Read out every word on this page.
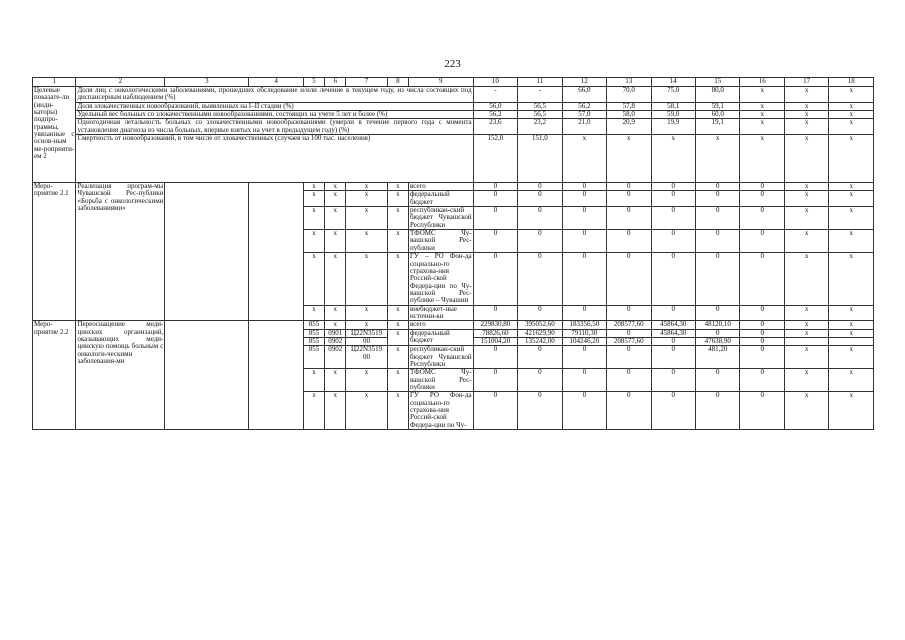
223
1	2	3	4	5	6	7	8	9	10	11	12	13	14	15	16	17	18
Целевые показате-ли (инди-каторы) подпро-граммы, увязанные с основ-ным ме-роприяти-ем 2	Доля лиц с онкологическими заболеваниями, прошедших обследование и/или лечение в текущем году, из числа состоящих под диспансерным наблюдением (%)								-	-	66,0	70,0	75,0	80,0	х	х	х
	Доля злокачественных новообразований, выявленных на I–II стадии (%)								56,0	56,5	56,2	57,8	58,1	59,1	х	х	х
	Удельный вес больных со злокачественными новообразованиями, состоящих на учете 5 лет и более (%)								56,2	56,5	57,0	58,0	59,0	60,0	х	х	х
	Одногодичная летальность больных со злокачественными новообразованиями (умерли в течение первого года с момента установления диагноза из числа больных, впервые взятых на учет в предыдущем году) (%)								23,6	23,2	21,0	20,9	19,9	19,1	х	х	х
	Смертность от новообразований, в том числе от злокачественных (случаев на 100 тыс. населения)								152,0	151,0	х	х	х	х	х	х	х
Меро-приятие 2.1	Реализация програм-мы Чувашской Рес-публики «Борьба с онкологическими заболеваниями»			х	х	х	х	всего	0	0	0	0	0	0	0	х	х
				х	х	х	х	федеральный бюджет	0	0	0	0	0	0	0	х	х
				х	х	х	х	республикан-ский бюджет Чувашской Республики	0	0	0	0	0	0	0	х	х
				х	х	х	х	ТФОМС Чу-вашской Рес-публики	0	0	0	0	0	0	0	х	х
				х	х	х	х	ГУ – РО Фон-да социально-го страхова-ния Россий-ской Федера-ции по Чу-вашской Рес-публике – Чувашии	0	0	0	0	0	0	0	х	х
				х	х	х	х	внебюджет-ные источни-ки	0	0	0	0	0	0	0	х	х
Меро-приятие 2.2	Переоснащение меди-цинских организаций, оказывающих меди-цинскую помощь больным с онкологи-ческими заболевания-ми			855	х	х	х	всего	229830,80	395052,60	183356,50	208577,60	45864,30	48120,10	0	х	х
				855	0901	Ц22N3519	х	федеральный бюджет	78826,60	421629,90	79110,30	0	45864,30	0	0	х	х
				855	0902	00			151004,20	135242,00	104246,20	208577,60	0	47638,90	0		
				855	0902	Ц22N3519 00	х	республикан-ский бюджет Чувашской Республики	0	0	0	0	0	481,20	0	х	х
				х	х	х	х	ТФОМС Чу-вашской Рес-публики	0	0	0	0	0	0	0	х	х
				х	х	х	х	ГУ РО Фон-да социально-го страхова-ния Россий-ской Федера-ции по Чу-	0	0	0	0	0	0	0	х	х
